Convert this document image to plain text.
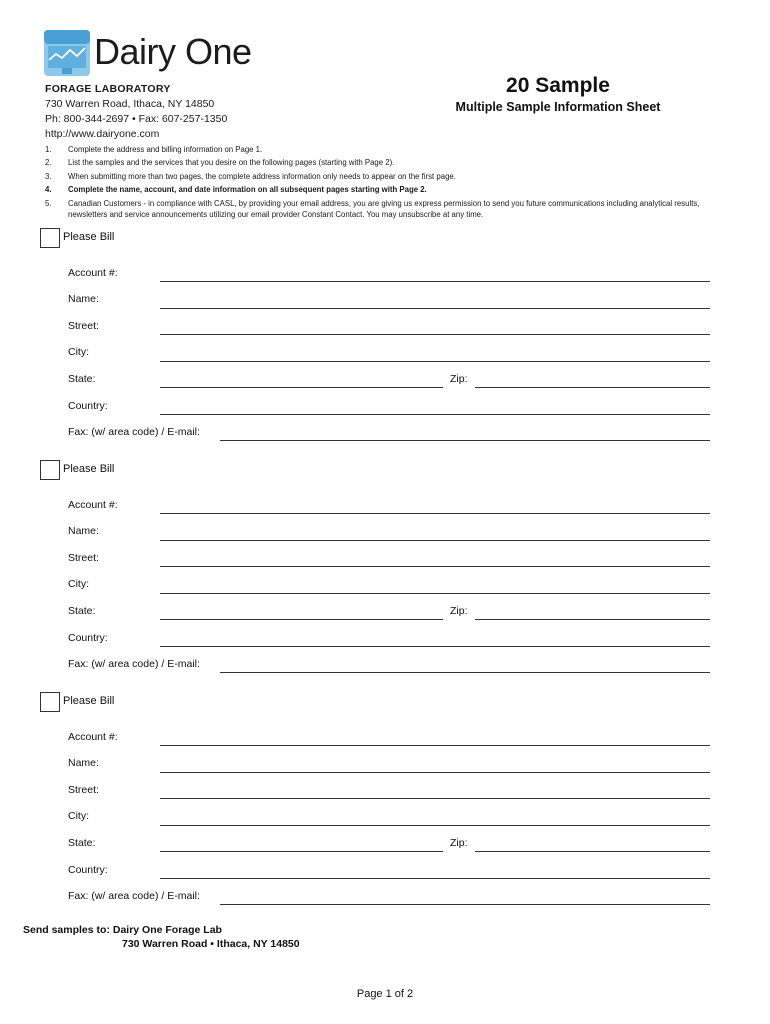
Dairy One
FORAGE LABORATORY
730 Warren Road, Ithaca, NY 14850
Ph: 800-344-2697 • Fax: 607-257-1350
http://www.dairyone.com
20 Sample
Multiple Sample Information Sheet
1. Complete the address and billing information on Page 1.
2. List the samples and the services that you desire on the following pages (starting with Page 2).
3. When submitting more than two pages, the complete address information only needs to appear on the first page.
4. Complete the name, account, and date information on all subsequent pages starting with Page 2.
5. Canadian Customers - in compliance with CASL, by providing your email address, you are giving us express permission to send you future communications including analytical results, newsletters and service announcements utilizing our email provider Constant Contact. You may unsubscribe at any time.
Please Bill
Account #:
Name:
Street:
City:
State:	Zip:
Country:
Fax: (w/ area code) / E-mail:
Please Bill
Account #:
Name:
Street:
City:
State:	Zip:
Country:
Fax: (w/ area code) / E-mail:
Please Bill
Account #:
Name:
Street:
City:
State:	Zip:
Country:
Fax: (w/ area code) / E-mail:
Send samples to: Dairy One Forage Lab
730 Warren Road • Ithaca, NY 14850
Page 1 of 2
